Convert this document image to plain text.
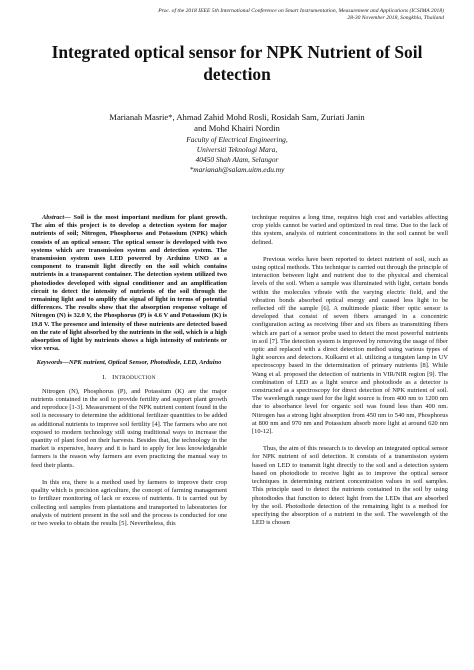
Proc. of the 2018 IEEE 5th International Conference on Smart Instrumentation, Measurement and Applications (ICSIMA 2018)
28-30 November 2018, Songkhla, Thailand
Integrated optical sensor for NPK Nutrient of Soil
detection
Marianah Masrie*, Ahmad Zahid Mohd Rosli, Rosidah Sam, Zuriati Janin
and Mohd Khairi Nordin
Faculty of Electrical Engineering,
Universiti Teknologi Mara,
40450 Shah Alam, Selangor
*marianah@salam.uitm.edu.my
Abstract— Soil is the most important medium for plant growth. The aim of this project is to develop a detection system for major nutrients of soil; Nitrogen, Phosphorus and Potassium (NPK) which consists of an optical sensor. The optical sensor is developed with two systems which are transmission system and detection system. The transmission system uses LED powered by Arduino UNO as a component to transmit light directly on the soil which contains nutrients in a transparent container. The detection system utilized two photodiodes developed with signal conditioner and an amplification circuit to detect the intensity of nutrients of the soil through the remaining light and to amplify the signal of light in terms of potential differences. The results show that the absorption response voltage of Nitrogen (N) is 32.0 V, the Phosphorus (P) is 4.6 V and Potassium (K) is 19.8 V. The presence and intensity of these nutrients are detected based on the rate of light absorbed by the nutrients in the soil, which is a high absorption of light by nutrients shows a high intensity of nutrients or vice versa.
Keywords—NPK nutrient, Optical Sensor, Photodiode, LED, Arduino
I. INTRODUCTION

Nitrogen (N), Phosphorus (P), and Potassium (K) are the major nutrients contained in the soil to provide fertility and support plant growth and reproduce [1-3]. Measurement of the NPK nutrient content found in the soil is necessary to determine the additional fertilizer quantities to be added as additional nutrients to improve soil fertility [4]. The farmers who are not exposed to modern technology still using traditional ways to increase the quantity of plant food on their harvests. Besides that, the technology in the market is expensive, heavy and it is hard to apply for less knowledgeable farmers is the reason why farmers are even practicing the manual way to feed their plants.

In this era, there is a method used by farmers to improve their crop quality which is precision agriculture, the concept of farming management to fertilizer monitoring of lack or excess of nutrients. It is carried out by collecting soil samples from plantations and transported to laboratories for analysis of nutrient present in the soil and the process is conducted for one or two weeks to obtain the results [5]. Nevertheless, this

technique requires a long time, requires high cost and variables affecting crop yields cannot be varied and optimized in real time. Due to the lack of this system, analysis of nutrient concentrations in the soil cannot be well defined.

Previous works have been reported to detect nutrient of soil, such as using optical methods. This technique is carried out through the principle of interaction between light and nutrient due to the physical and chemical levels of the soil. When a sample was illuminated with light, certain bonds within the molecules vibrate with the varying electric field, and the vibration bonds absorbed optical energy and caused less light to be reflected off the sample [6]. A multimode plastic fiber optic sensor is developed that consist of seven fibers arranged in a concentric configuration acting as receiving fiber and six fibers as transmitting fibers which are part of a sensor probe used to detect the most powerful nutrients in soil [7]. The detection system is improved by removing the usage of fiber optic and replaced with a direct detection method using various types of light sources and detectors. Kulkarni et al. utilizing a tungsten lamp in UV spectroscopy based in the determination of primary nutrients [8]. While Wang et al. proposed the detection of nutrients in VIR/NIR region [9]. The combination of LED as a light source and photodiode as a detector is constructed as a spectroscopy for direct detection of NPK nutrient of soil. The wavelength range used for the light source is from 400 nm to 1200 nm due to absorbance level for organic soil was found less than 400 nm. Nitrogen has a strong light absorption from 450 nm to 540 nm, Phosphorus at 800 nm and 970 nm and Potassium absorb more light at around 620 nm [10-12].

Thus, the aim of this research is to develop an integrated optical sensor for NPK nutrient of soil detection. It consists of a transmission system based on LED to transmit light directly to the soil and a detection system based on photodiode to receive light as to improve the optical sensor techniques in determining nutrient concentration values in soil samples. This principle used to detect the nutrients contained in the soil by using photodiodes that function to detect light from the LEDs that are absorbed by the soil. Photodiode detection of the remaining light is a method for specifying the absorption of a nutrient in the soil. The wavelength of the LED is chosen
